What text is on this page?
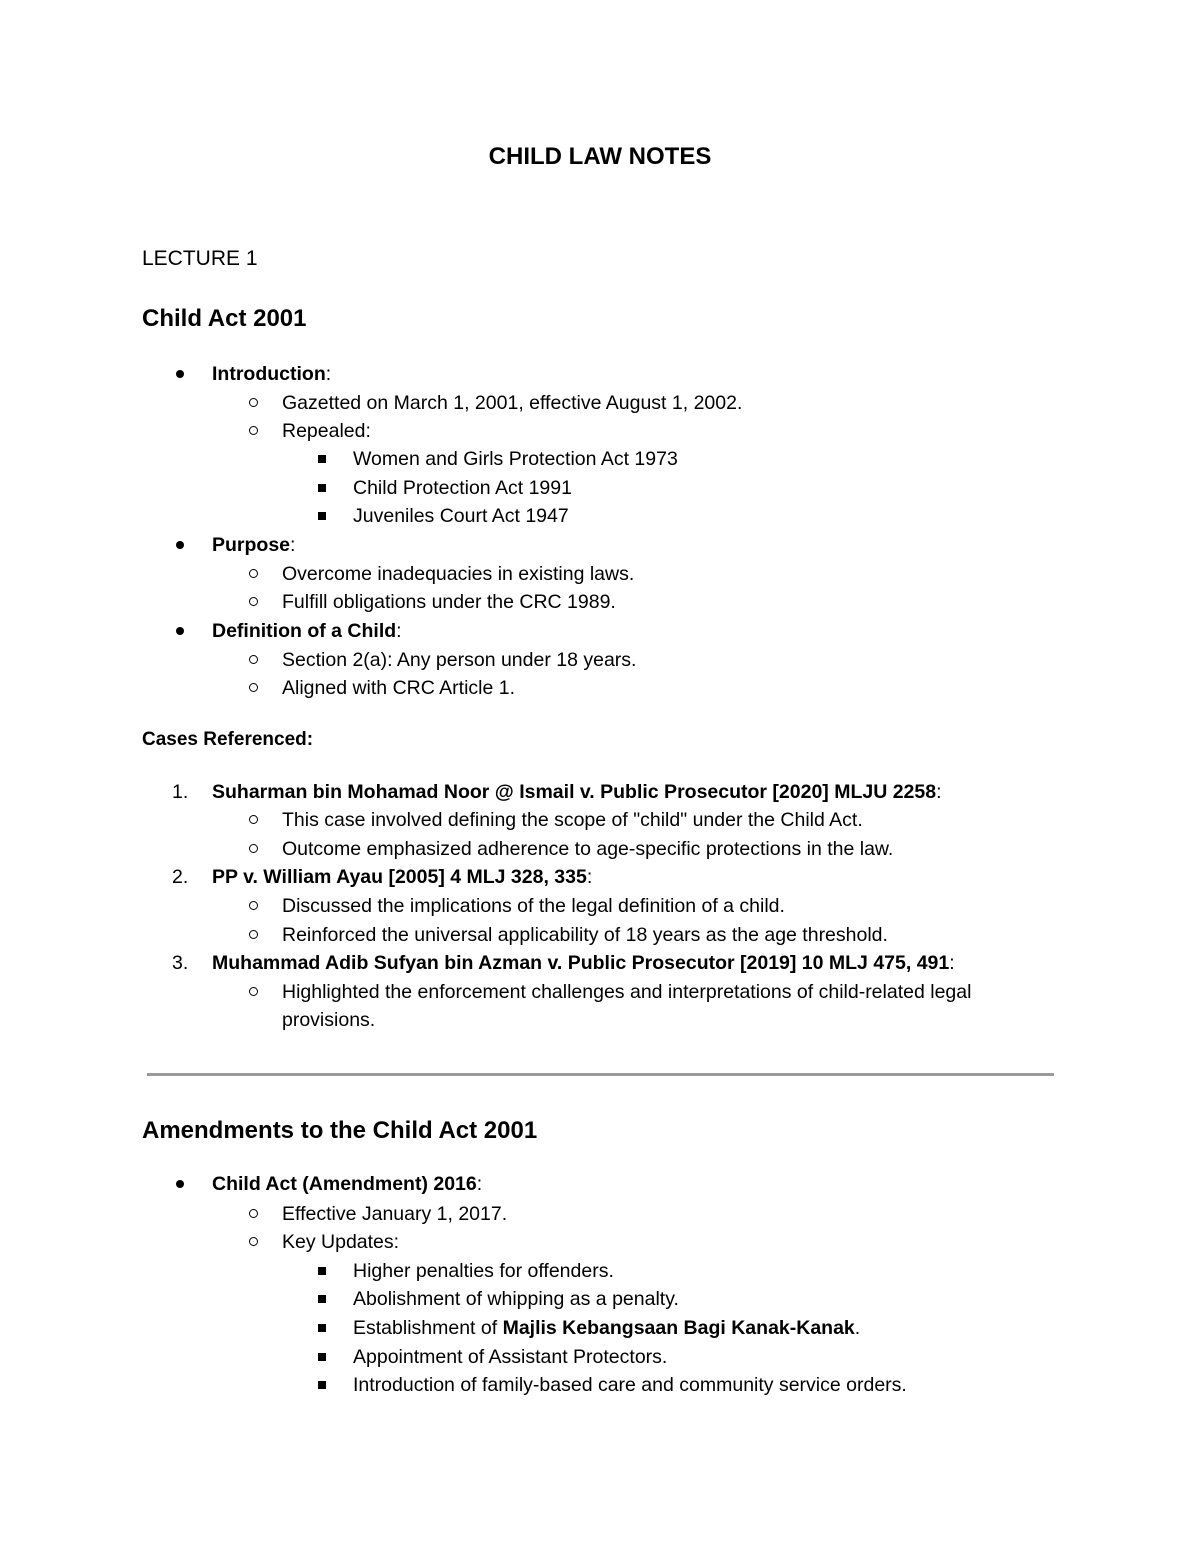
CHILD LAW NOTES
LECTURE 1
Child Act 2001
Introduction:
Gazetted on March 1, 2001, effective August 1, 2002.
Repealed:
Women and Girls Protection Act 1973
Child Protection Act 1991
Juveniles Court Act 1947
Purpose:
Overcome inadequacies in existing laws.
Fulfill obligations under the CRC 1989.
Definition of a Child:
Section 2(a): Any person under 18 years.
Aligned with CRC Article 1.
Cases Referenced:
1. Suharman bin Mohamad Noor @ Ismail v. Public Prosecutor [2020] MLJU 2258:
This case involved defining the scope of "child" under the Child Act.
Outcome emphasized adherence to age-specific protections in the law.
2. PP v. William Ayau [2005] 4 MLJ 328, 335:
Discussed the implications of the legal definition of a child.
Reinforced the universal applicability of 18 years as the age threshold.
3. Muhammad Adib Sufyan bin Azman v. Public Prosecutor [2019] 10 MLJ 475, 491:
Highlighted the enforcement challenges and interpretations of child-related legal
provisions.
Amendments to the Child Act 2001
Child Act (Amendment) 2016:
Effective January 1, 2017.
Key Updates:
Higher penalties for offenders.
Abolishment of whipping as a penalty.
Establishment of Majlis Kebangsaan Bagi Kanak-Kanak.
Appointment of Assistant Protectors.
Introduction of family-based care and community service orders.
